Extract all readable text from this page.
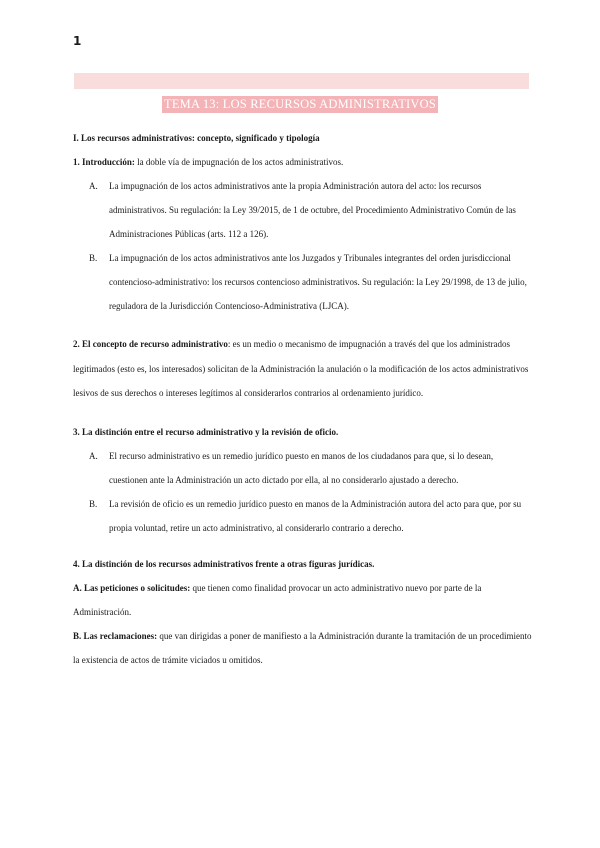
1
TEMA 13: LOS RECURSOS ADMINISTRATIVOS

I. Los recursos administrativos: concepto, significado y tipología

1. Introducción: la doble vía de impugnación de los actos administrativos.

A. La impugnación de los actos administrativos ante la propia Administración autora del acto: los recursos administrativos. Su regulación: la Ley 39/2015, de 1 de octubre, del Procedimiento Administrativo Común de las Administraciones Públicas (arts. 112 a 126).

B. La impugnación de los actos administrativos ante los Juzgados y Tribunales integrantes del orden jurisdiccional contencioso-administrativo: los recursos contencioso administrativos. Su regulación: la Ley 29/1998, de 13 de julio, reguladora de la Jurisdicción Contencioso-Administrativa (LJCA).

2. El concepto de recurso administrativo: es un medio o mecanismo de impugnación a través del que los administrados legitimados (esto es, los interesados) solicitan de la Administración la anulación o la modificación de los actos administrativos lesivos de sus derechos o intereses legítimos al considerarlos contrarios al ordenamiento jurídico.

3. La distinción entre el recurso administrativo y la revisión de oficio.

A. El recurso administrativo es un remedio jurídico puesto en manos de los ciudadanos para que, si lo desean, cuestionen ante la Administración un acto dictado por ella, al no considerarlo ajustado a derecho.

B. La revisión de oficio es un remedio jurídico puesto en manos de la Administración autora del acto para que, por su propia voluntad, retire un acto administrativo, al considerarlo contrario a derecho.

4. La distinción de los recursos administrativos frente a otras figuras jurídicas.

A. Las peticiones o solicitudes: que tienen como finalidad provocar un acto administrativo nuevo por parte de la Administración.

B. Las reclamaciones: que van dirigidas a poner de manifiesto a la Administración durante la tramitación de un procedimiento la existencia de actos de trámite viciados u omitidos.
